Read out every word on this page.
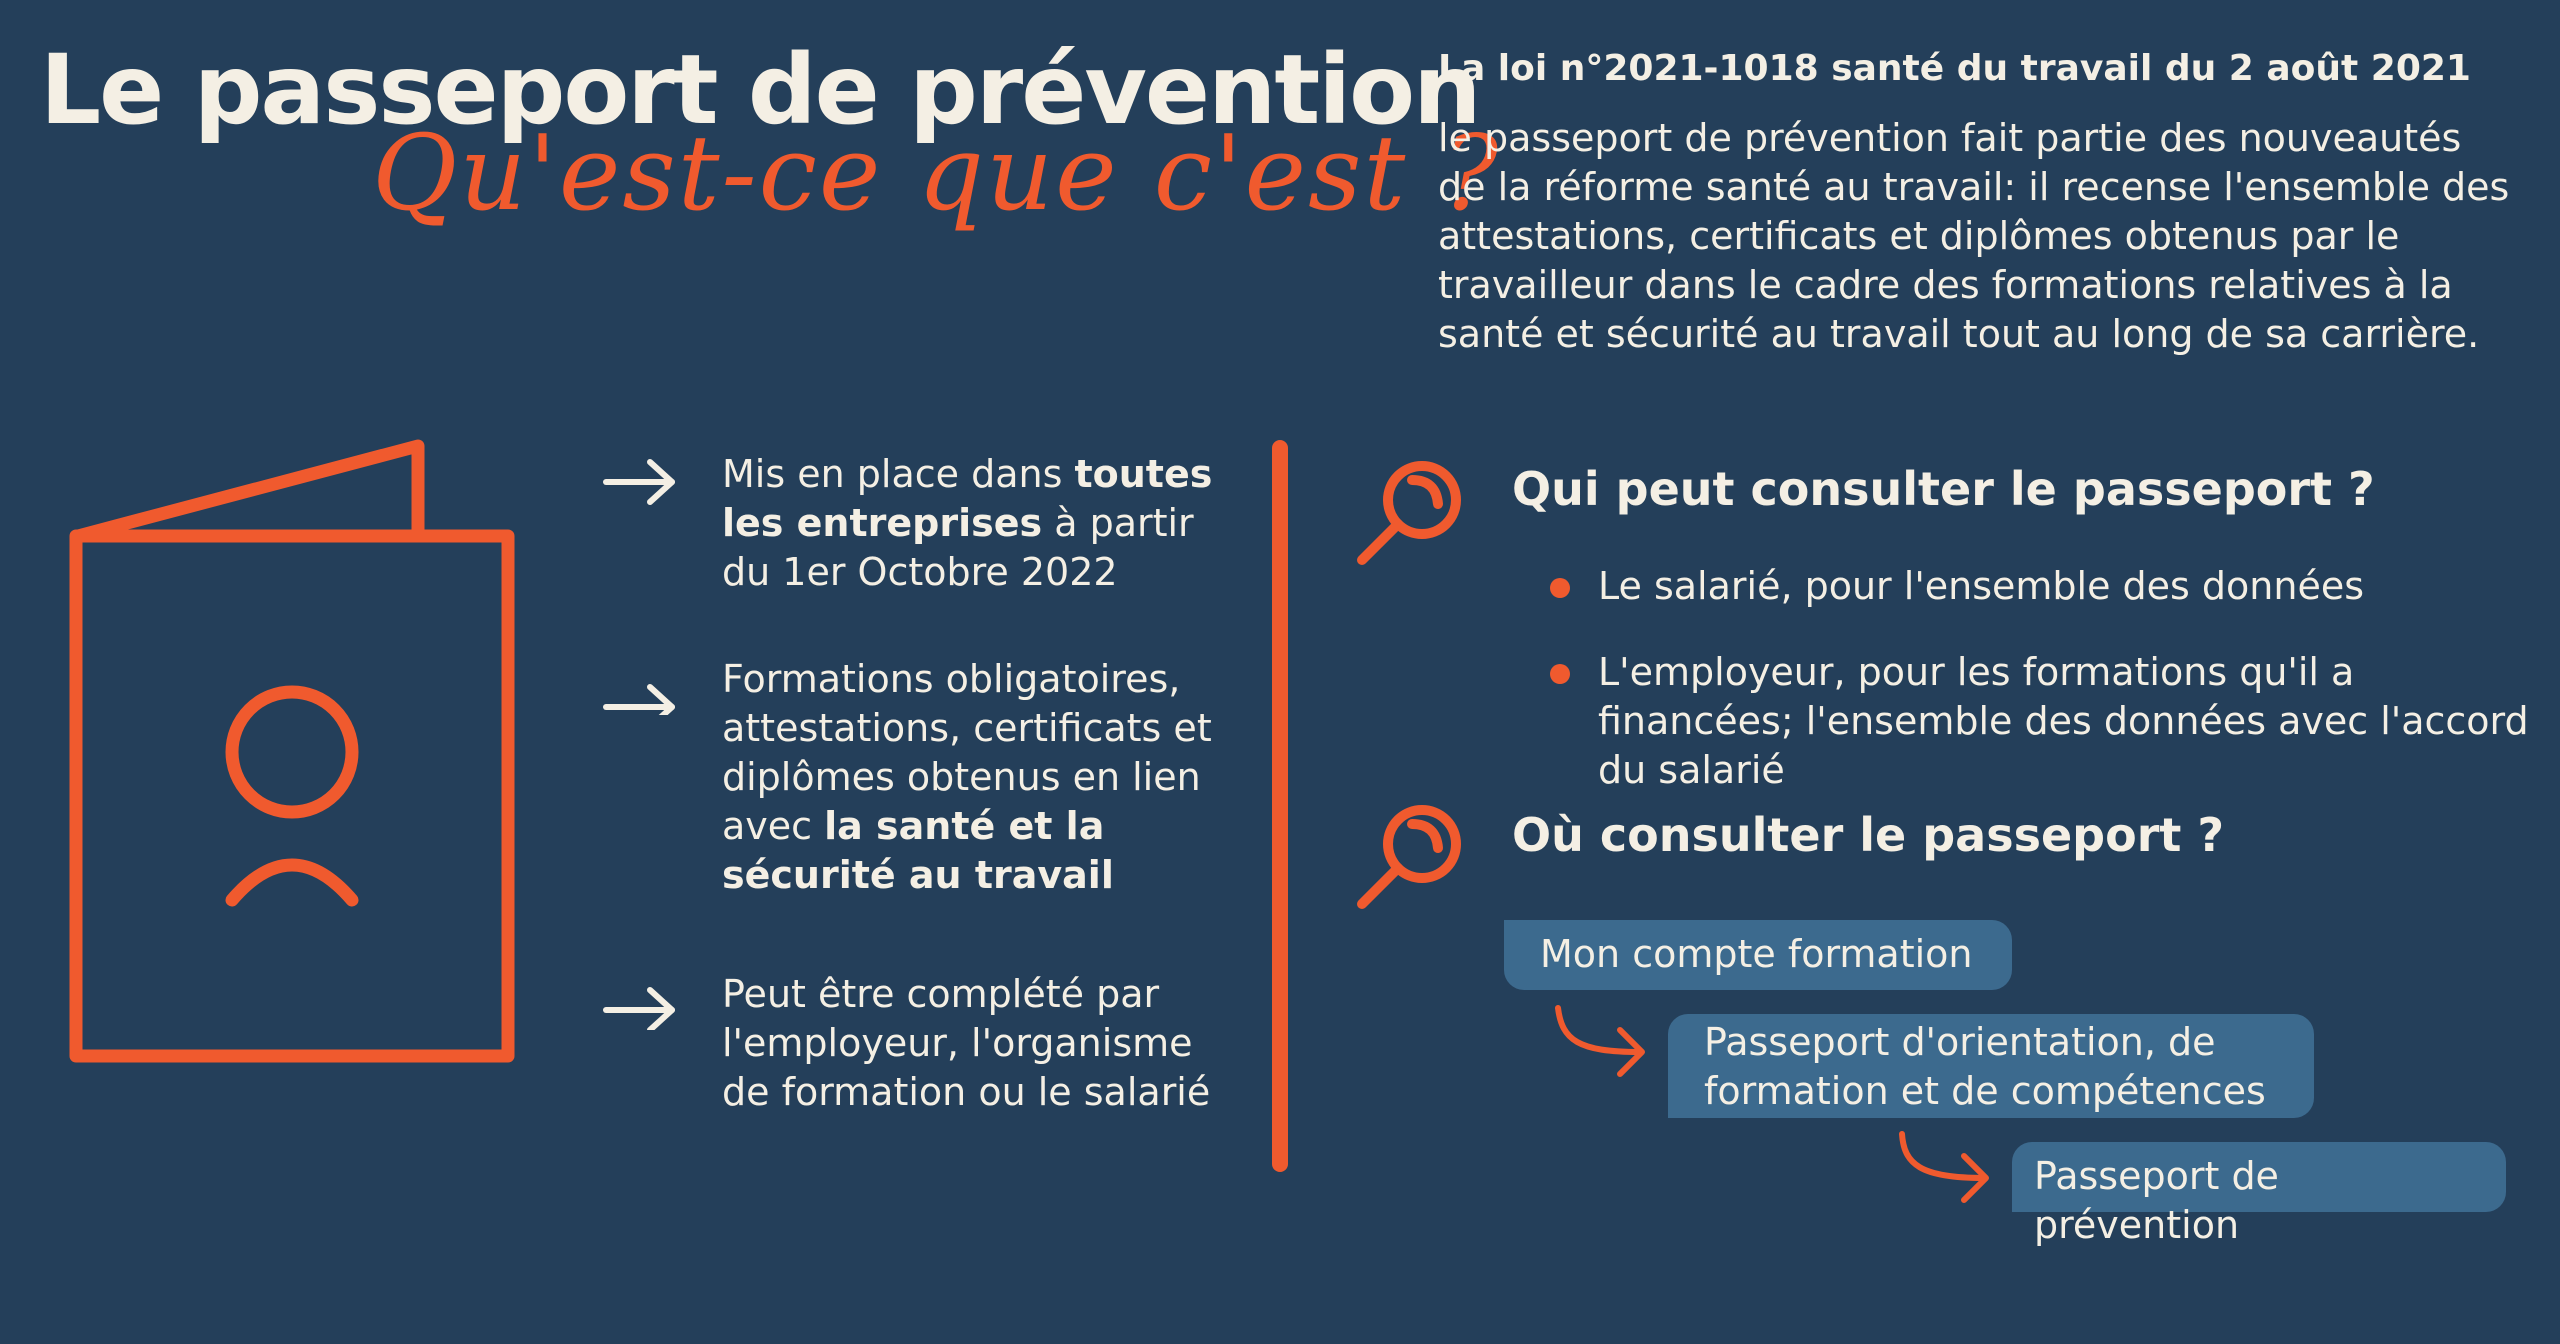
Le passeport de prévention
Qu'est-ce que c'est ?
La loi n°2021-1018 santé du travail du 2 août 2021
le passeport de prévention fait partie des nouveautés de la réforme santé au travail: il recense l'ensemble des attestations, certificats et diplômes obtenus par le travailleur dans le cadre des formations relatives à la santé et sécurité au travail tout au long de sa carrière.
Mis en place dans toutes les entreprises à partir du 1er Octobre 2022
Formations obligatoires, attestations, certificats et diplômes obtenus en lien avec la santé et la sécurité au travail
Peut être complété par l'employeur, l'organisme de formation ou le salarié
Qui peut consulter le passeport ?
Le salarié, pour l'ensemble des données
L'employeur, pour les formations qu'il a financées; l'ensemble des données avec l'accord du salarié
Où consulter le passeport ?
Mon compte formation
Passeport d'orientation, de formation et de compétences
Passeport de prévention
